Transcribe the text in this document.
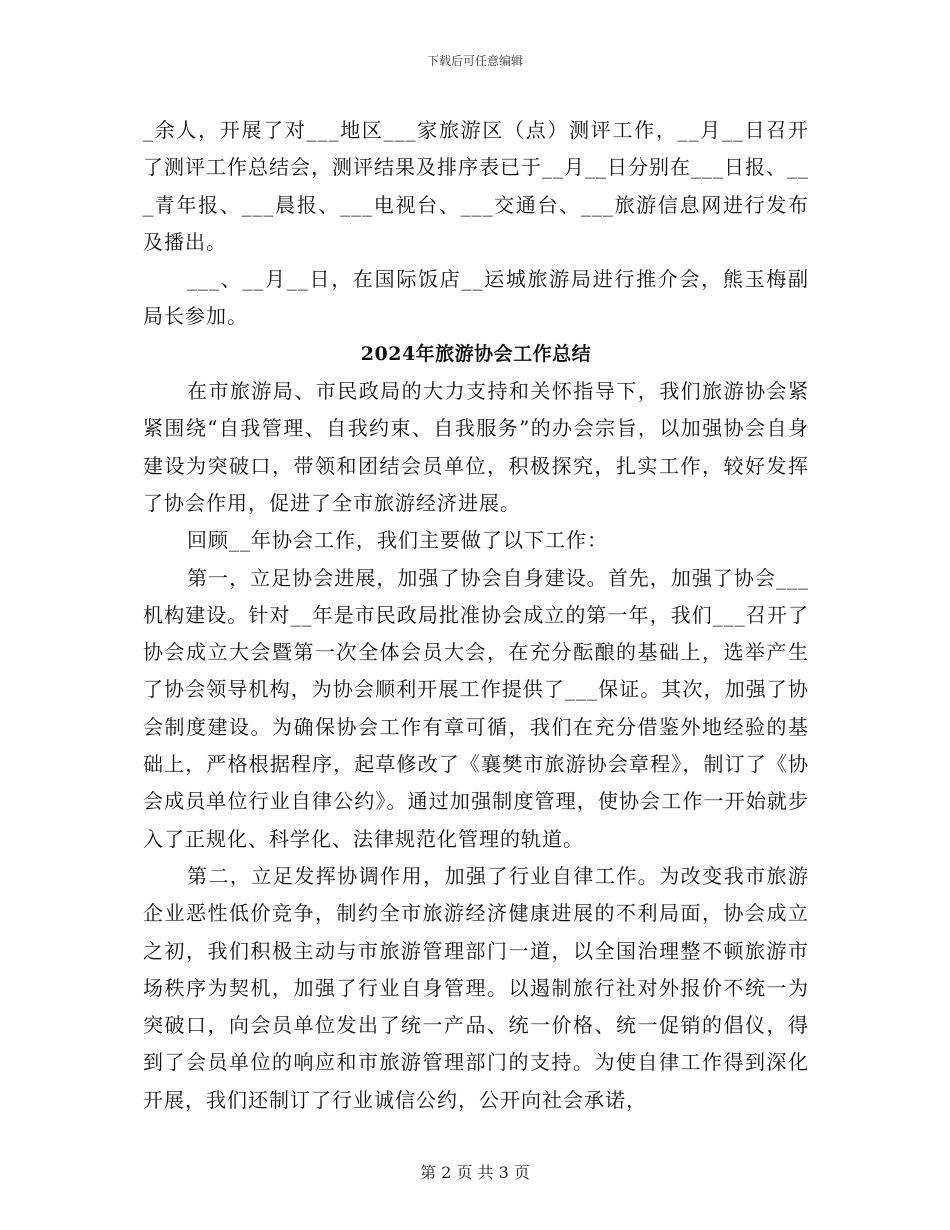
下载后可任意编辑

_余人，开展了对___地区___家旅游区（点）测评工作，__月__日召开了测评工作总结会，测评结果及排序表已于__月__日分别在___日报、___青年报、___晨报、___电视台、___交通台、___旅游信息网进行发布及播出。

___、__月__日，在国际饭店__运城旅游局进行推介会，熊玉梅副局长参加。

2024年旅游协会工作总结

在市旅游局、市民政局的大力支持和关怀指导下，我们旅游协会紧紧围绕“自我管理、自我约束、自我服务”的办会宗旨，以加强协会自身建设为突破口，带领和团结会员单位，积极探究，扎实工作，较好发挥了协会作用，促进了全市旅游经济进展。

回顾__年协会工作，我们主要做了以下工作：

第一，立足协会进展，加强了协会自身建设。首先，加强了协会___机构建设。针对__年是市民政局批准协会成立的第一年，我们___召开了协会成立大会暨第一次全体会员大会，在充分酝酿的基础上，选举产生了协会领导机构，为协会顺利开展工作提供了___保证。其次，加强了协会制度建设。为确保协会工作有章可循，我们在充分借鉴外地经验的基础上，严格根据程序，起草修改了《襄樊市旅游协会章程》，制订了《协会成员单位行业自律公约》。通过加强制度管理，使协会工作一开始就步入了正规化、科学化、法律规范化管理的轨道。

第二，立足发挥协调作用，加强了行业自律工作。为改变我市旅游企业恶性低价竞争，制约全市旅游经济健康进展的不利局面，协会成立之初，我们积极主动与市旅游管理部门一道，以全国治理整不顿旅游市场秩序为契机，加强了行业自身管理。以遏制旅行社对外报价不统一为突破口，向会员单位发出了统一产品、统一价格、统一促销的倡仪，得到了会员单位的响应和市旅游管理部门的支持。为使自律工作得到深化开展，我们还制订了行业诚信公约，公开向社会承诺，

第 2 页 共 3 页
